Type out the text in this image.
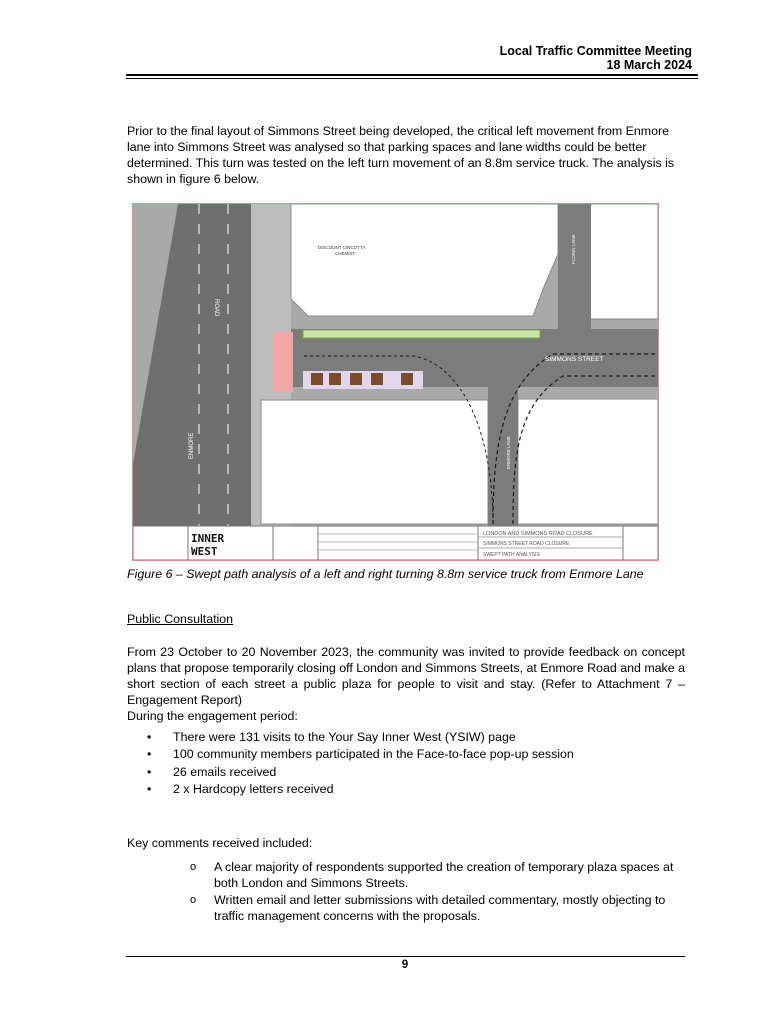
Local Traffic Committee Meeting
18 March 2024
Prior to the final layout of Simmons Street being developed, the critical left movement from Enmore lane into Simmons Street was analysed so that parking spaces and lane widths could be better determined. This turn was tested on the left turn movement of an 8.8m service truck. The analysis is shown in figure 6 below.
INNER
WEST
LONDON AND SIMMONS ROAD CLOSURE
SIMMONS STREET ROAD CLOSURE
SWEPT PATH ANALYSIS
ROAD
ENMORE
SIMMONS STREET
ENMORE LANE
FLORIN LANE
DISCOUNT CINCOTTA
CHEMIST
Figure 6 – Swept path analysis of a left and right turning 8.8m service truck from Enmore Lane
Public Consultation
From 23 October to 20 November 2023, the community was invited to provide feedback on concept plans that propose temporarily closing off London and Simmons Streets, at Enmore Road and make a short section of each street a public plaza for people to visit and stay. (Refer to Attachment 7 – Engagement Report)
During the engagement period:
• There were 131 visits to the Your Say Inner West (YSIW) page
• 100 community members participated in the Face-to-face pop-up session
• 26 emails received
• 2 x Hardcopy letters received
Key comments received included:
o A clear majority of respondents supported the creation of temporary plaza spaces at both London and Simmons Streets.
o Written email and letter submissions with detailed commentary, mostly objecting to traffic management concerns with the proposals.
9
